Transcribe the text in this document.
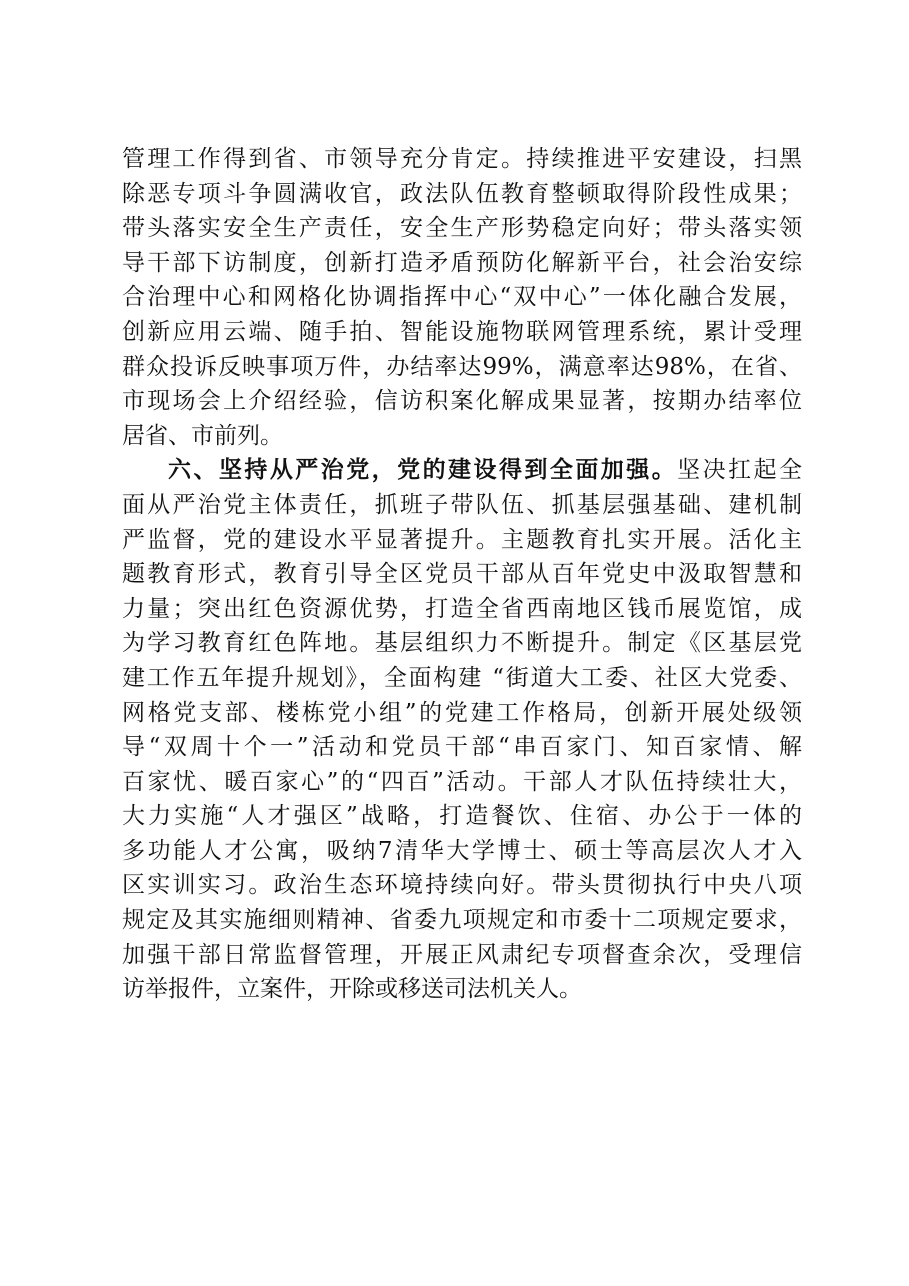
管理工作得到省、市领导充分肯定。持续推进平安建设，扫黑
除恶专项斗争圆满收官，政法队伍教育整顿取得阶段性成果；
带头落实安全生产责任，安全生产形势稳定向好；带头落实领
导干部下访制度，创新打造矛盾预防化解新平台，社会治安综
合治理中心和网格化协调指挥中心“双中心”一体化融合发展，
创新应用云端、随手拍、智能设施物联网管理系统，累计受理
群众投诉反映事项万件，办结率达99%，满意率达98%，在省、
市现场会上介绍经验，信访积案化解成果显著，按期办结率位
居省、市前列。
六、坚持从严治党，党的建设得到全面加强。坚决扛起全
面从严治党主体责任，抓班子带队伍、抓基层强基础、建机制
严监督，党的建设水平显著提升。主题教育扎实开展。活化主
题教育形式，教育引导全区党员干部从百年党史中汲取智慧和
力量；突出红色资源优势，打造全省西南地区钱币展览馆，成
为学习教育红色阵地。基层组织力不断提升。制定《区基层党
建工作五年提升规划》，全面构建 “街道大工委、社区大党委、
网格党支部、楼栋党小组”的党建工作格局，创新开展处级领
导“双周十个一”活动和党员干部“串百家门、知百家情、解
百家忧、暖百家心”的“四百”活动。干部人才队伍持续壮大，
大力实施“人才强区”战略，打造餐饮、住宿、办公于一体的
多功能人才公寓，吸纳7清华大学博士、硕士等高层次人才入
区实训实习。政治生态环境持续向好。带头贯彻执行中央八项
规定及其实施细则精神、省委九项规定和市委十二项规定要求，
加强干部日常监督管理，开展正风肃纪专项督查余次，受理信
访举报件，立案件，开除或移送司法机关人。
